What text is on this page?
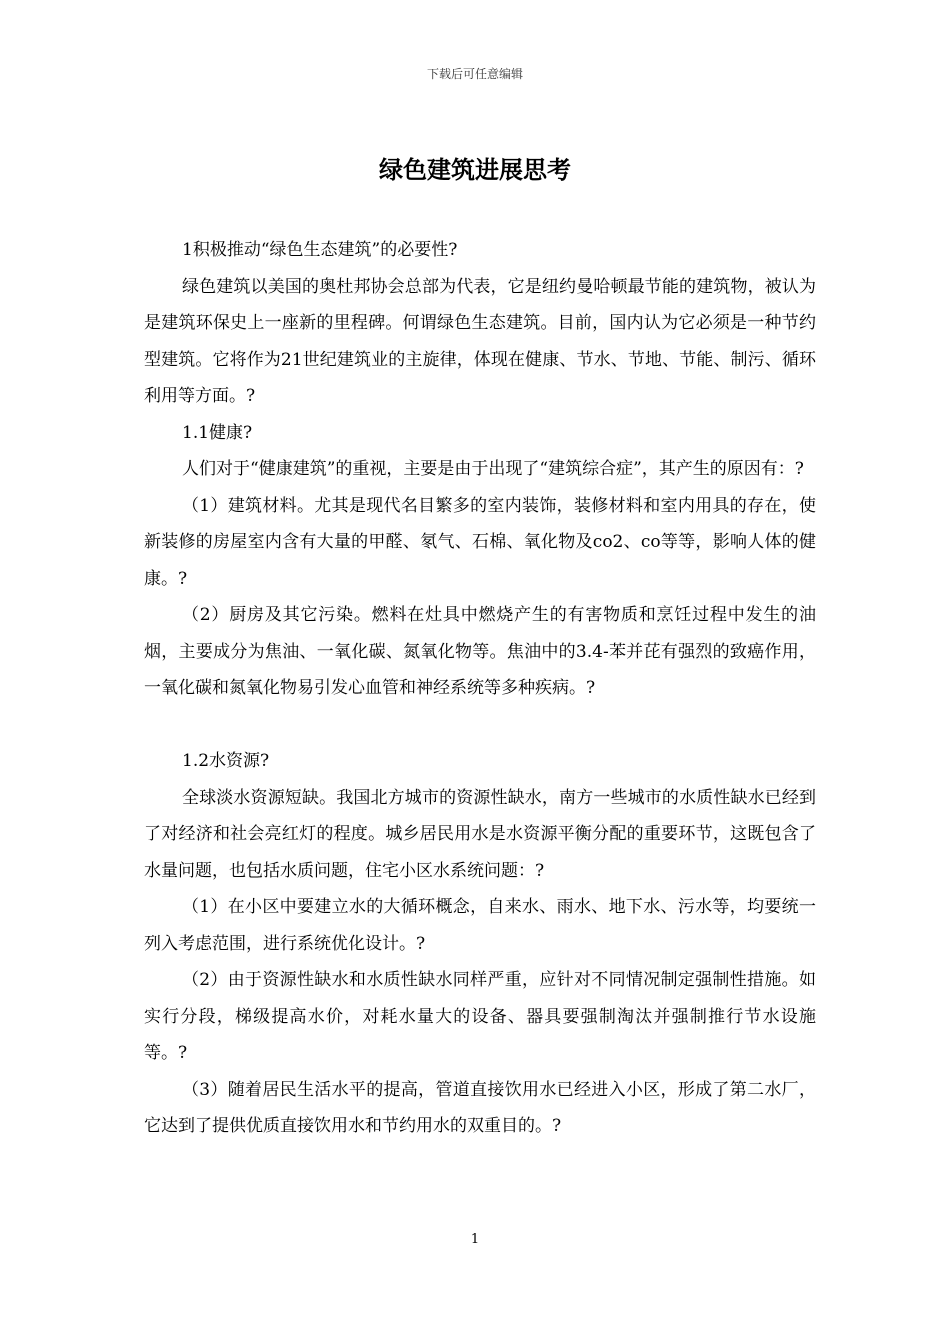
下载后可任意编辑
绿色建筑进展思考

1积极推动“绿色生态建筑”的必要性?

绿色建筑以美国的奥杜邦协会总部为代表，它是纽约曼哈顿最节能的建筑物，被认为是建筑环保史上一座新的里程碑。何谓绿色生态建筑。目前，国内认为它必须是一种节约型建筑。它将作为21世纪建筑业的主旋律，体现在健康、节水、节地、节能、制污、循环利用等方面。?

1.1健康?

人们对于“健康建筑”的重视，主要是由于出现了“建筑综合症”，其产生的原因有：?

（1）建筑材料。尤其是现代名目繁多的室内装饰，装修材料和室内用具的存在，使新装修的房屋室内含有大量的甲醛、氡气、石棉、氧化物及co2、co等等，影响人体的健康。?

（2）厨房及其它污染。燃料在灶具中燃烧产生的有害物质和烹饪过程中发生的油烟，主要成分为焦油、一氧化碳、氮氧化物等。焦油中的3.4-苯并芘有强烈的致癌作用，一氧化碳和氮氧化物易引发心血管和神经系统等多种疾病。?

1.2水资源?

全球淡水资源短缺。我国北方城市的资源性缺水，南方一些城市的水质性缺水已经到了对经济和社会亮红灯的程度。城乡居民用水是水资源平衡分配的重要环节，这既包含了水量问题，也包括水质问题，住宅小区水系统问题：?

（1）在小区中要建立水的大循环概念，自来水、雨水、地下水、污水等，均要统一列入考虑范围，进行系统优化设计。?

（2）由于资源性缺水和水质性缺水同样严重，应针对不同情况制定强制性措施。如实行分段，梯级提高水价，对耗水量大的设备、器具要强制淘汰并强制推行节水设施等。?

（3）随着居民生活水平的提高，管道直接饮用水已经进入小区，形成了第二水厂，它达到了提供优质直接饮用水和节约用水的双重目的。?

1
